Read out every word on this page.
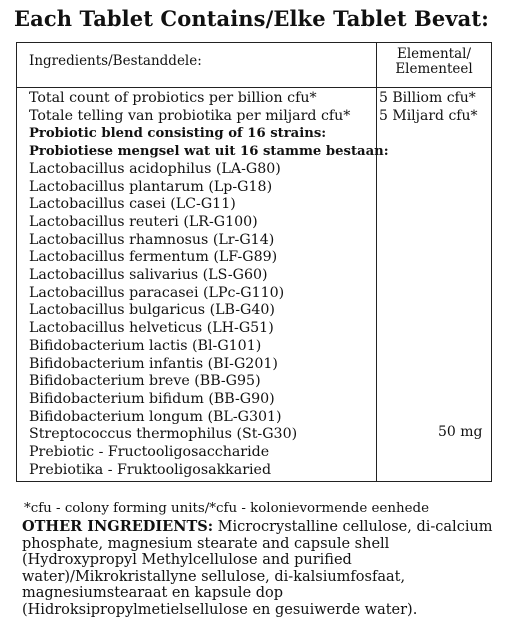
Each Tablet Contains/Elke Tablet Bevat:
Ingredients/Bestanddele:	Elemental/
Elementeel
Total count of probiotics per billion cfu*
Totale telling van probiotika per miljard cfu*
Probiotic blend consisting of 16 strains:
Probiotiese mengsel wat uit 16 stamme bestaan:
Lactobacillus acidophilus (LA-G80)
Lactobacillus plantarum (Lp-G18)
Lactobacillus casei (LC-G11)
Lactobacillus reuteri (LR-G100)
Lactobacillus rhamnosus (Lr-G14)
Lactobacillus fermentum (LF-G89)
Lactobacillus salivarius (LS-G60)
Lactobacillus paracasei (LPc-G110)
Lactobacillus bulgaricus (LB-G40)
Lactobacillus helveticus (LH-G51)
Bifidobacterium lactis (Bl-G101)
Bifidobacterium infantis (BI-G201)
Bifidobacterium breve (BB-G95)
Bifidobacterium bifidum (BB-G90)
Bifidobacterium longum (BL-G301)
Streptococcus thermophilus (St-G30)
Prebiotic - Fructooligosaccharide
Prebiotika - Fruktooligosakkaried
5 Billiom cfu*
5 Miljard cfu*
50 mg
*cfu - colony forming units/*cfu - kolonievormende eenhede
OTHER INGREDIENTS: Microcrystalline cellulose, di-calcium phosphate, magnesium stearate and capsule shell (Hydroxypropyl Methylcellulose and purified water)/Mikrokristallyne sellulose, di-kalsiumfosfaat, magnesiumstearaat en kapsule dop (Hidroksipropylmetielsellulose en gesuiwerde water).
